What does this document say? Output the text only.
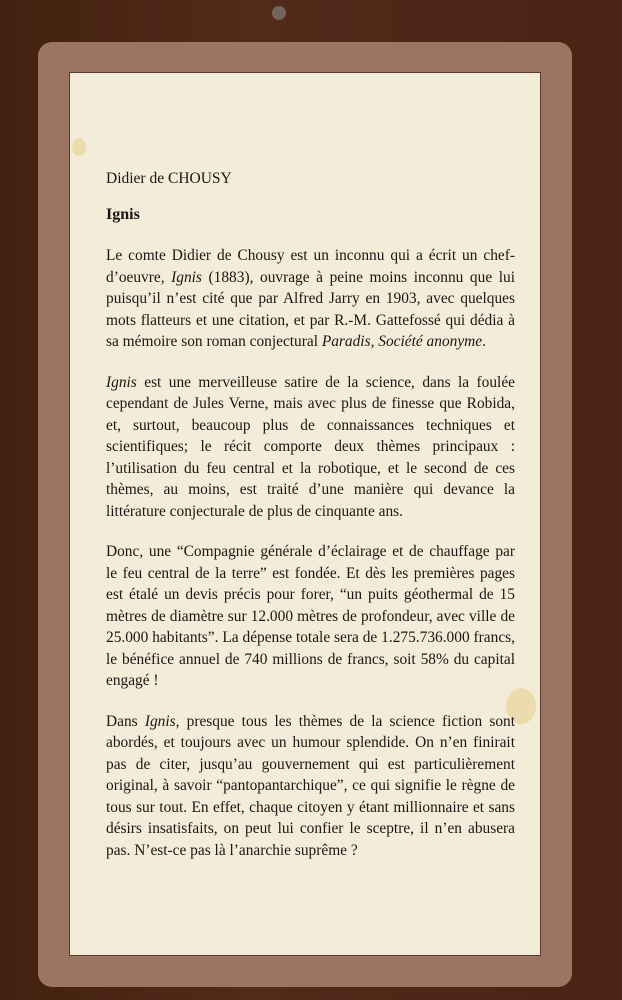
Didier de CHOUSY
Ignis

Le comte Didier de Chousy est un inconnu qui a écrit un chef-d’oeuvre, Ignis (1883), ouvrage à peine moins inconnu que lui puisqu’il n’est cité que par Alfred Jarry en 1903, avec quelques mots flatteurs et une citation, et par R.-M. Gattefossé qui dédia à sa mémoire son roman conjectural Paradis, Société anonyme.

Ignis est une merveilleuse satire de la science, dans la foulée cependant de Jules Verne, mais avec plus de finesse que Robida, et, surtout, beaucoup plus de connaissances techniques et scientifiques; le récit comporte deux thèmes principaux : l’utilisation du feu central et la robotique, et le second de ces thèmes, au moins, est traité d’une manière qui devance la littérature conjecturale de plus de cinquante ans.

Donc, une “Compagnie générale d’éclairage et de chauffage par le feu central de la terre” est fondée. Et dès les premières pages est étalé un devis précis pour forer, “un puits géothermal de 15 mètres de diamètre sur 12.000 mètres de profondeur, avec ville de 25.000 habitants”. La dépense totale sera de 1.275.736.000 francs, le bénéfice annuel de 740 millions de francs, soit 58% du capital engagé !

Dans Ignis, presque tous les thèmes de la science fiction sont abordés, et toujours avec un humour splendide. On n’en finirait pas de citer, jusqu’au gouvernement qui est particulièrement original, à savoir “pantopantarchique”, ce qui signifie le règne de tous sur tout. En effet, chaque citoyen y étant millionnaire et sans désirs insatisfaits, on peut lui confier le sceptre, il n’en abusera pas. N’est-ce pas là l’anarchie suprême ?
